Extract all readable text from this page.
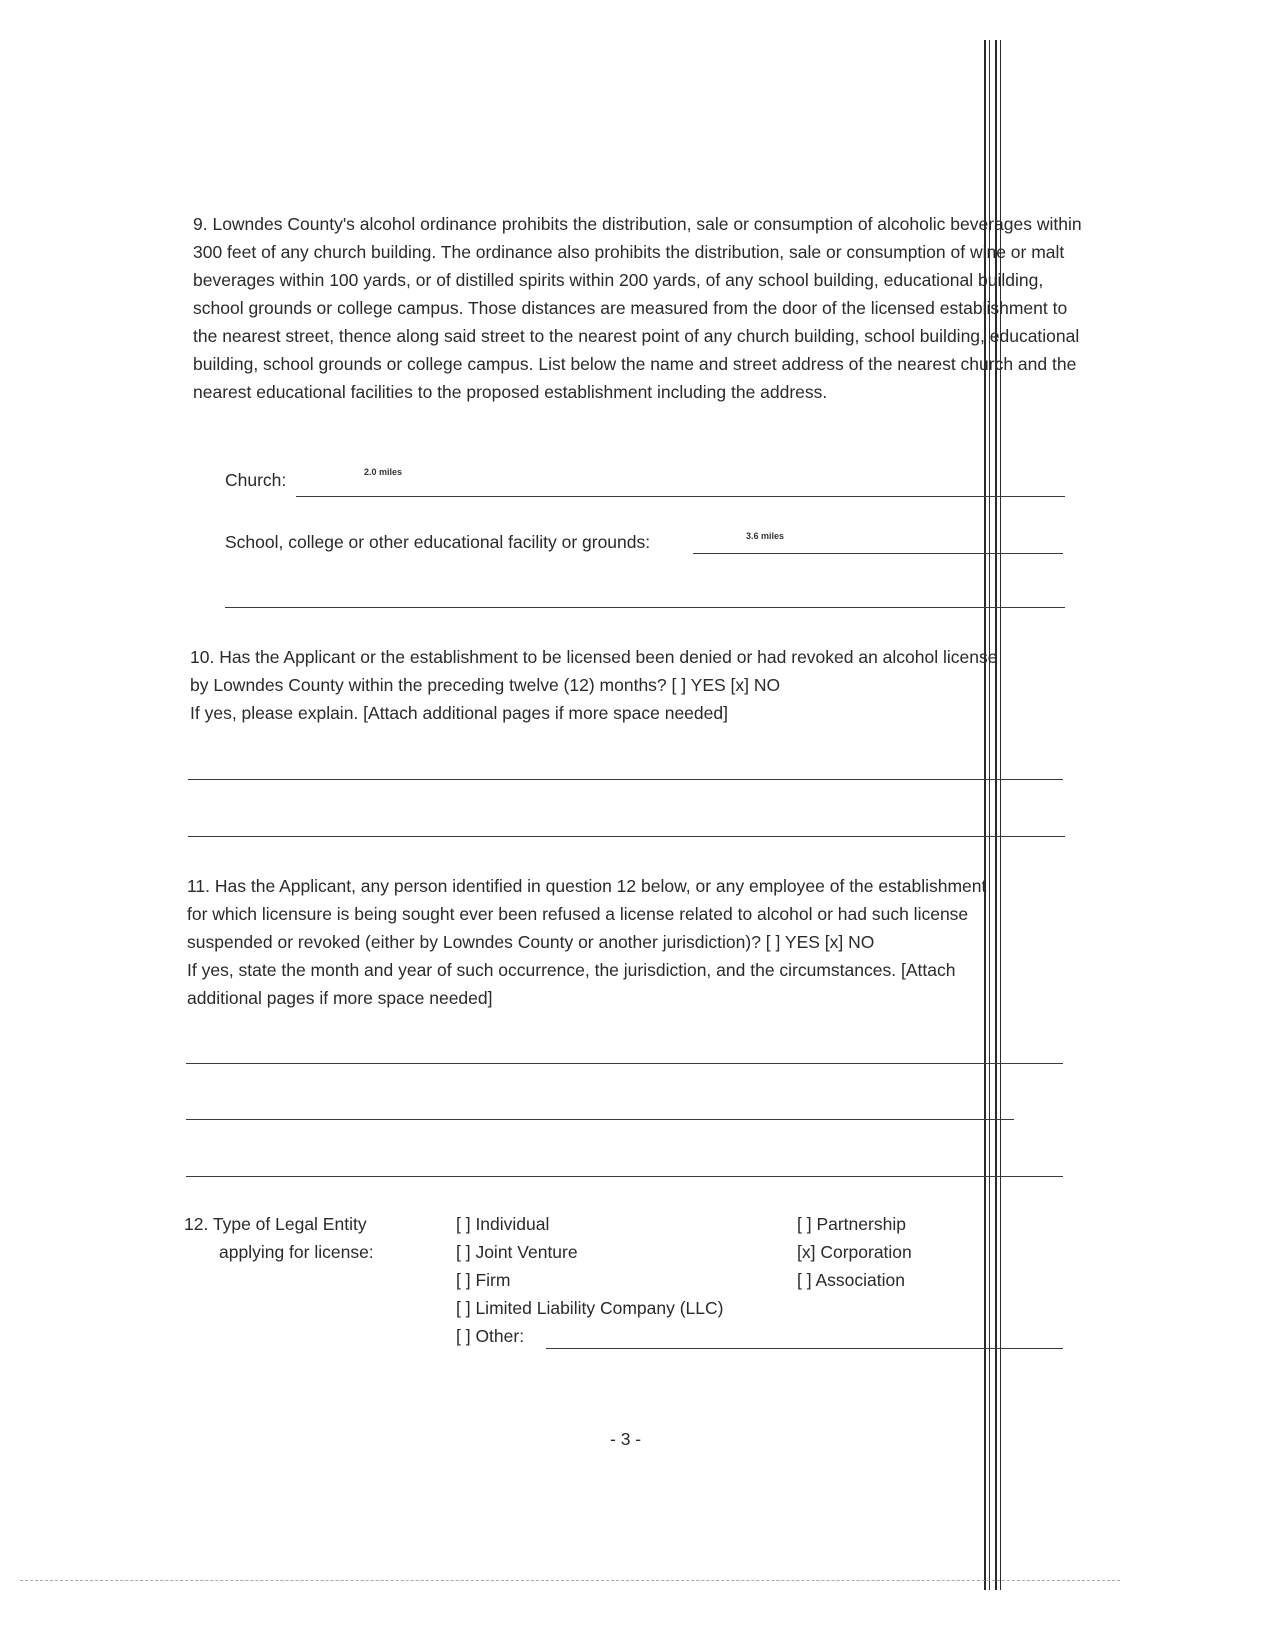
9. Lowndes County's alcohol ordinance prohibits the distribution, sale or consumption of alcoholic beverages within 300 feet of any church building. The ordinance also prohibits the distribution, sale or consumption of wine or malt beverages within 100 yards, or of distilled spirits within 200 yards, of any school building, educational building, school grounds or college campus. Those distances are measured from the door of the licensed establishment to the nearest street, thence along said street to the nearest point of any church building, school building, educational building, school grounds or college campus. List below the name and street address of the nearest church and the nearest educational facilities to the proposed establishment including the address.
Church:	2.0 miles
School, college or other educational facility or grounds:	3.6 miles
10. Has the Applicant or the establishment to be licensed been denied or had revoked an alcohol license
by Lowndes County within the preceding twelve (12) months? [ ] YES [x] NO
If yes, please explain. [Attach additional pages if more space needed]
11. Has the Applicant, any person identified in question 12 below, or any employee of the establishment
for which licensure is being sought ever been refused a license related to alcohol or had such license
suspended or revoked (either by Lowndes County or another jurisdiction)? [ ] YES [x] NO
If yes, state the month and year of such occurrence, the jurisdiction, and the circumstances. [Attach
additional pages if more space needed]
12. Type of Legal Entity
applying for license:
[ ] Individual
[ ] Joint Venture
[ ] Firm
[ ] Limited Liability Company (LLC)
[ ] Other:
[ ] Partnership
[x] Corporation
[ ] Association
- 3 -
